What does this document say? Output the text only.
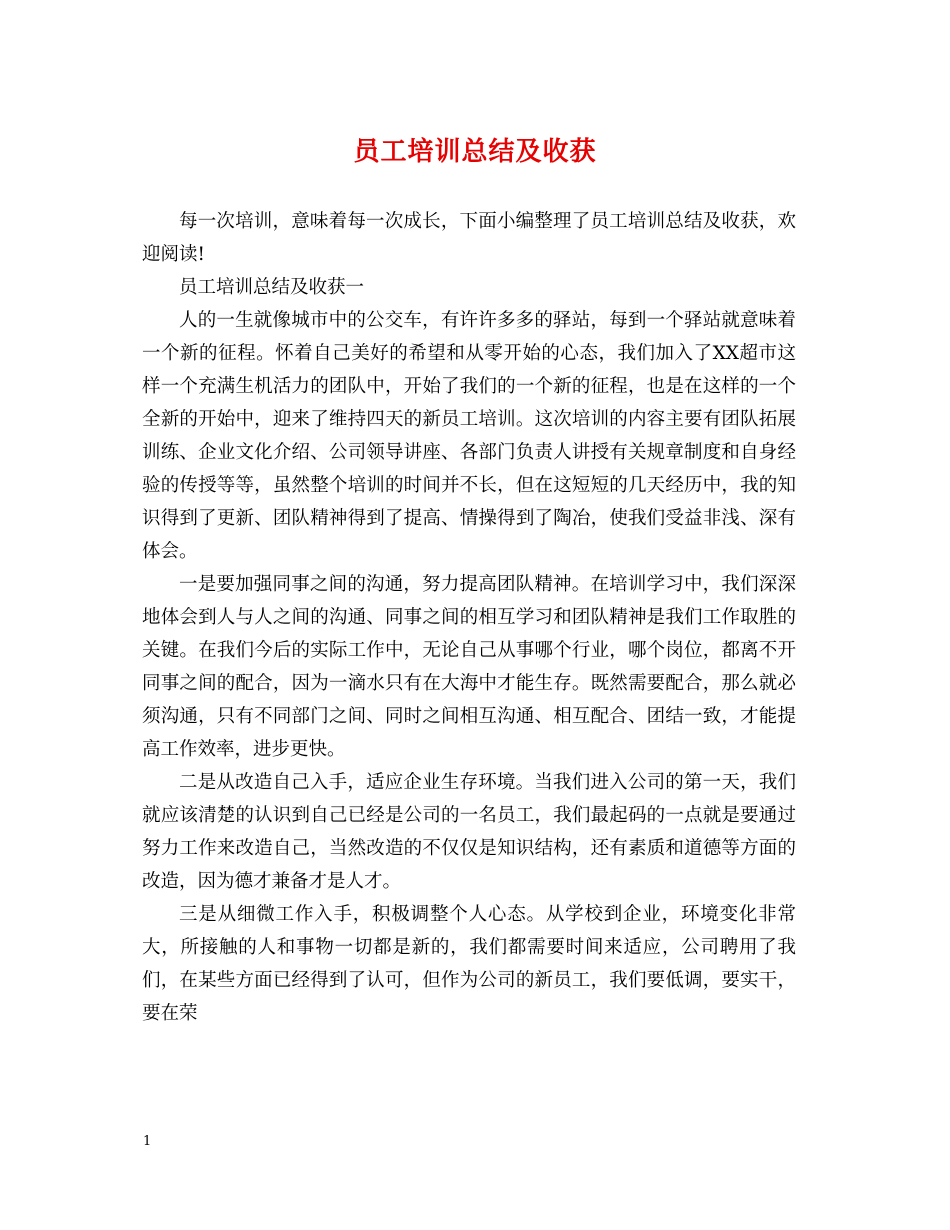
员工培训总结及收获

每一次培训，意味着每一次成长，下面小编整理了员工培训总结及收获，欢迎阅读!

员工培训总结及收获一

人的一生就像城市中的公交车，有许许多多的驿站，每到一个驿站就意味着一个新的征程。怀着自己美好的希望和从零开始的心态，我们加入了XX超市这样一个充满生机活力的团队中，开始了我们的一个新的征程，也是在这样的一个全新的开始中，迎来了维持四天的新员工培训。这次培训的内容主要有团队拓展训练、企业文化介绍、公司领导讲座、各部门负责人讲授有关规章制度和自身经验的传授等等，虽然整个培训的时间并不长，但在这短短的几天经历中，我的知识得到了更新、团队精神得到了提高、情操得到了陶冶，使我们受益非浅、深有体会。

一是要加强同事之间的沟通，努力提高团队精神。在培训学习中，我们深深地体会到人与人之间的沟通、同事之间的相互学习和团队精神是我们工作取胜的关键。在我们今后的实际工作中，无论自己从事哪个行业，哪个岗位，都离不开同事之间的配合，因为一滴水只有在大海中才能生存。既然需要配合，那么就必须沟通，只有不同部门之间、同时之间相互沟通、相互配合、团结一致，才能提高工作效率，进步更快。

二是从改造自己入手，适应企业生存环境。当我们进入公司的第一天，我们就应该清楚的认识到自己已经是公司的一名员工，我们最起码的一点就是要通过努力工作来改造自己，当然改造的不仅仅是知识结构，还有素质和道德等方面的改造，因为德才兼备才是人才。

三是从细微工作入手，积极调整个人心态。从学校到企业，环境变化非常大，所接触的人和事物一切都是新的，我们都需要时间来适应，公司聘用了我们，在某些方面已经得到了认可，但作为公司的新员工，我们要低调，要实干，要在荣

1
